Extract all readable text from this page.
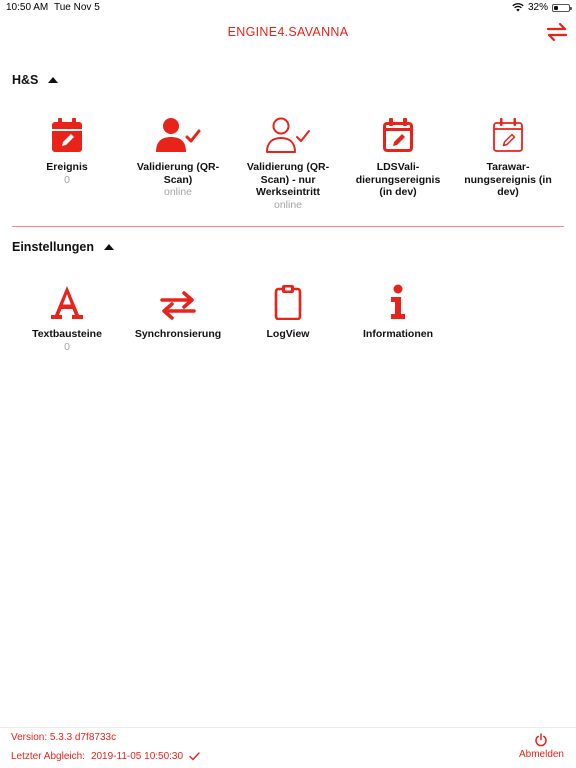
10:50 AM Tue Nov 5	32%
ENGINE4.SAVANNA
H&S
Ereignis
0
Validierung (QR-
Scan)
online
Validierung (QR-
Scan) - nur
Werkseintritt
online
LDSVali-
dierungsereignis
(in dev)
Tarawar-
nungsereignis (in
dev)
Einstellungen
Textbausteine
0
Synchronsierung	LogView	Informationen
Version: 5.3.3 d7f8733c
Letzter Abgleich: 2019-11-05 10:50:30	Abmelden
